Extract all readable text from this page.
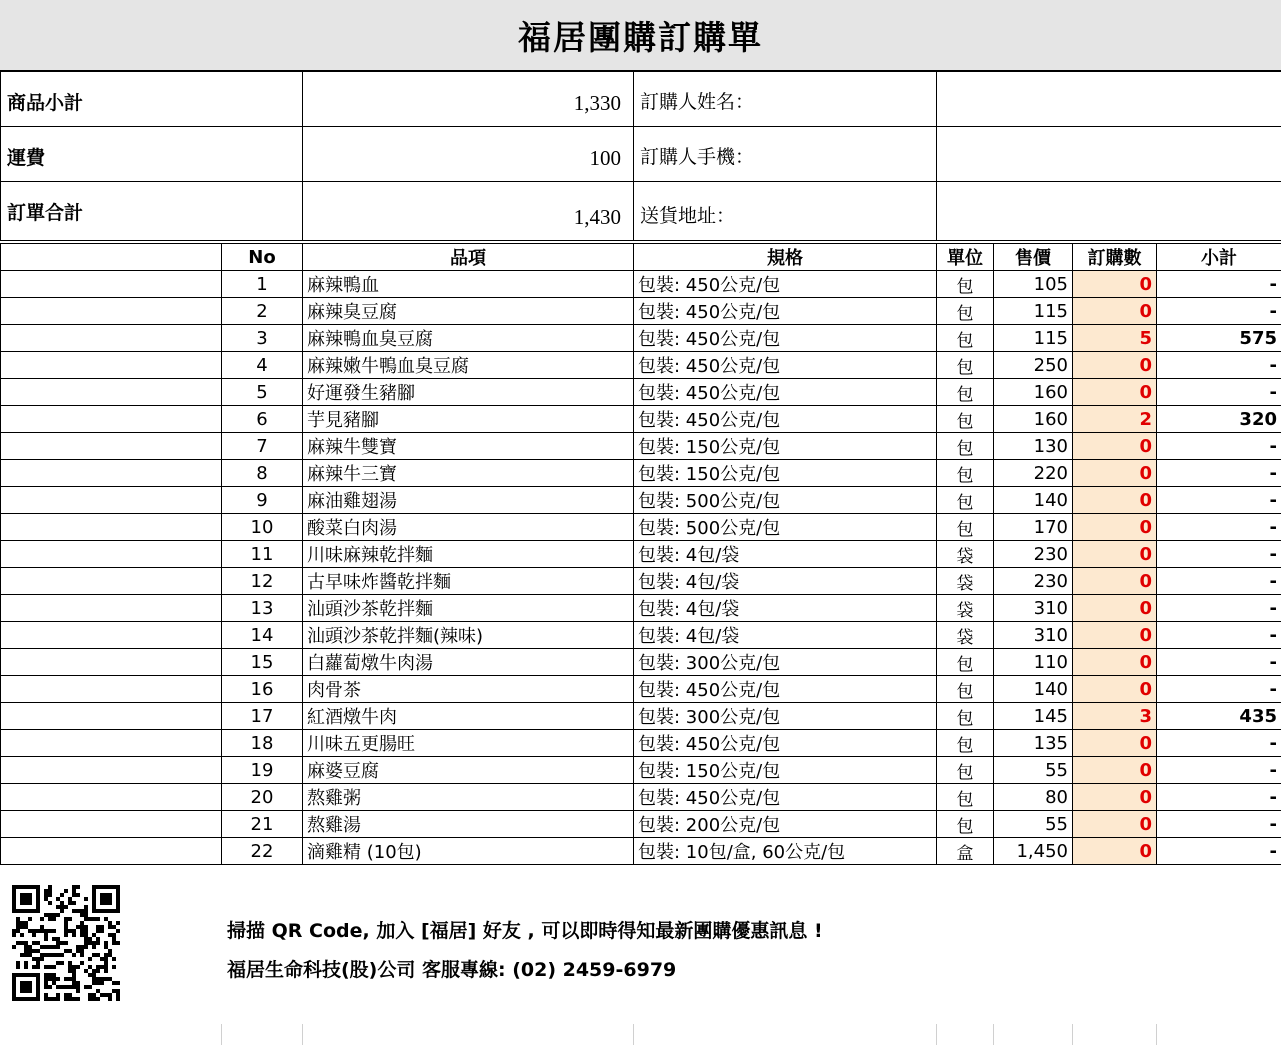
福居團購訂購單
商品小計	1,330	訂購人姓名：	
運費	100	訂購人手機：	
訂單合計	1,430	送貨地址：	
	No	品項	規格	單位	售價	訂購數	小計
	1	麻辣鴨血	包裝: 450公克/包	包	105	0	-
	2	麻辣臭豆腐	包裝: 450公克/包	包	115	0	-
	3	麻辣鴨血臭豆腐	包裝: 450公克/包	包	115	5	575
	4	麻辣嫩牛鴨血臭豆腐	包裝: 450公克/包	包	250	0	-
	5	好運發生豬腳	包裝: 450公克/包	包	160	0	-
	6	芋見豬腳	包裝: 450公克/包	包	160	2	320
	7	麻辣牛雙寶	包裝: 150公克/包	包	130	0	-
	8	麻辣牛三寶	包裝: 150公克/包	包	220	0	-
	9	麻油雞翅湯	包裝: 500公克/包	包	140	0	-
	10	酸菜白肉湯	包裝: 500公克/包	包	170	0	-
	11	川味麻辣乾拌麵	包裝: 4包/袋	袋	230	0	-
	12	古早味炸醬乾拌麵	包裝: 4包/袋	袋	230	0	-
	13	汕頭沙茶乾拌麵	包裝: 4包/袋	袋	310	0	-
	14	汕頭沙茶乾拌麵(辣味)	包裝: 4包/袋	袋	310	0	-
	15	白蘿蔔燉牛肉湯	包裝: 300公克/包	包	110	0	-
	16	肉骨茶	包裝: 450公克/包	包	140	0	-
	17	紅酒燉牛肉	包裝: 300公克/包	包	145	3	435
	18	川味五更腸旺	包裝: 450公克/包	包	135	0	-
	19	麻婆豆腐	包裝: 150公克/包	包	55	0	-
	20	熬雞粥	包裝: 450公克/包	包	80	0	-
	21	熬雞湯	包裝: 200公克/包	包	55	0	-
	22	滴雞精 (10包)	包裝: 10包/盒, 60公克/包	盒	1,450	0	-
掃描 QR Code, 加入 [福居] 好友 , 可以即時得知最新團購優惠訊息 !
福居生命科技(股)公司 客服專線: (02) 2459-6979
